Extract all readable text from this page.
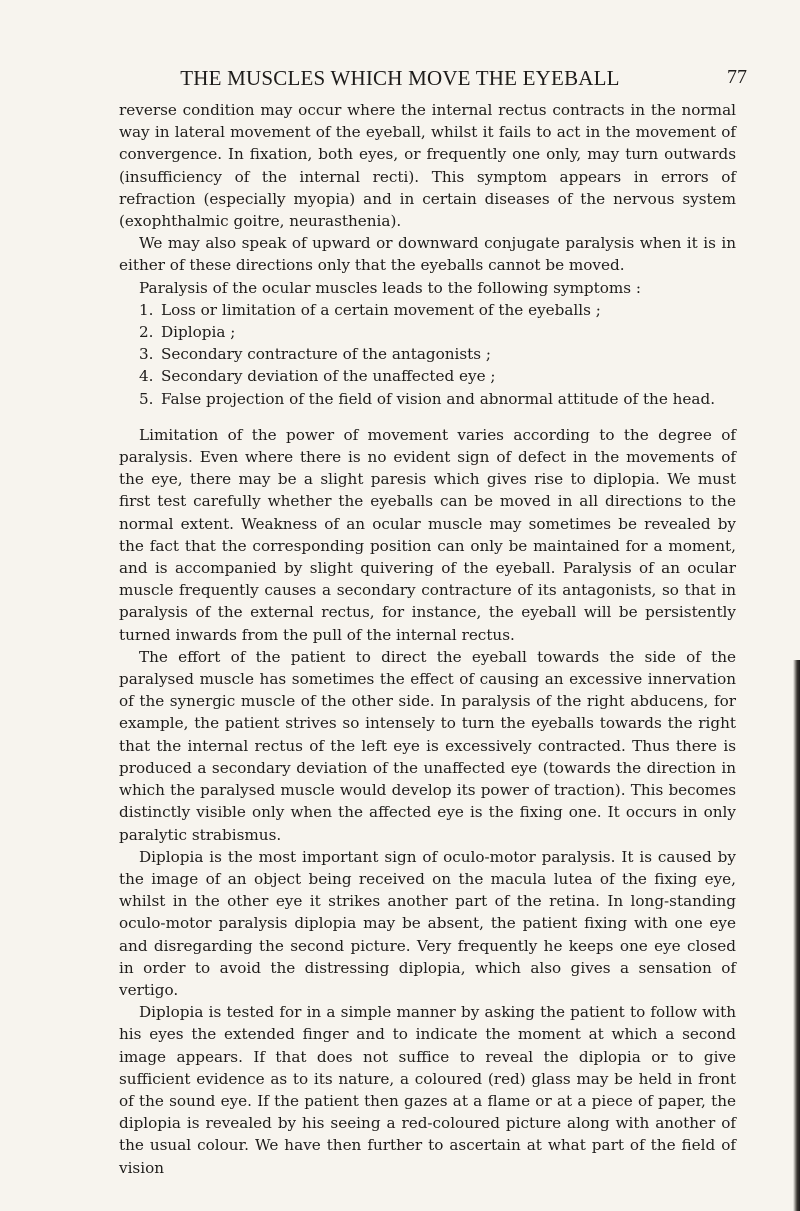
THE MUSCLES WHICH MOVE THE EYEBALL	77

reverse condition may occur where the internal rectus contracts in the normal way in lateral movement of the eyeball, whilst it fails to act in the movement of convergence. In fixation, both eyes, or frequently one only, may turn outwards (insufficiency of the internal recti). This symptom appears in errors of refraction (especially myopia) and in certain diseases of the nervous system (exophthalmic goitre, neurasthenia).

We may also speak of upward or downward conjugate paralysis when it is in either of these directions only that the eyeballs cannot be moved.

Paralysis of the ocular muscles leads to the following symptoms :

1. Loss or limitation of a certain movement of the eyeballs ;
2. Diplopia ;
3. Secondary contracture of the antagonists ;
4. Secondary deviation of the unaffected eye ;
5. False projection of the field of vision and abnormal attitude of the head.

Limitation of the power of movement varies according to the degree of paralysis. Even where there is no evident sign of defect in the movements of the eye, there may be a slight paresis which gives rise to diplopia. We must first test carefully whether the eyeballs can be moved in all directions to the normal extent. Weakness of an ocular muscle may sometimes be revealed by the fact that the corresponding position can only be maintained for a moment, and is accompanied by slight quivering of the eyeball. Paralysis of an ocular muscle frequently causes a secondary contracture of its antagonists, so that in paralysis of the external rectus, for instance, the eyeball will be persistently turned inwards from the pull of the internal rectus.

The effort of the patient to direct the eyeball towards the side of the paralysed muscle has sometimes the effect of causing an excessive innervation of the synergic muscle of the other side. In paralysis of the right abducens, for example, the patient strives so intensely to turn the eyeballs towards the right that the internal rectus of the left eye is excessively contracted. Thus there is produced a secondary deviation of the unaffected eye (towards the direction in which the paralysed muscle would develop its power of traction). This becomes distinctly visible only when the affected eye is the fixing one. It occurs in only paralytic strabismus.

Diplopia is the most important sign of oculo-motor paralysis. It is caused by the image of an object being received on the macula lutea of the fixing eye, whilst in the other eye it strikes another part of the retina. In long-standing oculo-motor paralysis diplopia may be absent, the patient fixing with one eye and disregarding the second picture. Very frequently he keeps one eye closed in order to avoid the distressing diplopia, which also gives a sensation of vertigo.

Diplopia is tested for in a simple manner by asking the patient to follow with his eyes the extended finger and to indicate the moment at which a second image appears. If that does not suffice to reveal the diplopia or to give sufficient evidence as to its nature, a coloured (red) glass may be held in front of the sound eye. If the patient then gazes at a flame or at a piece of paper, the diplopia is revealed by his seeing a red-coloured picture along with another of the usual colour. We have then further to ascertain at what part of the field of vision
